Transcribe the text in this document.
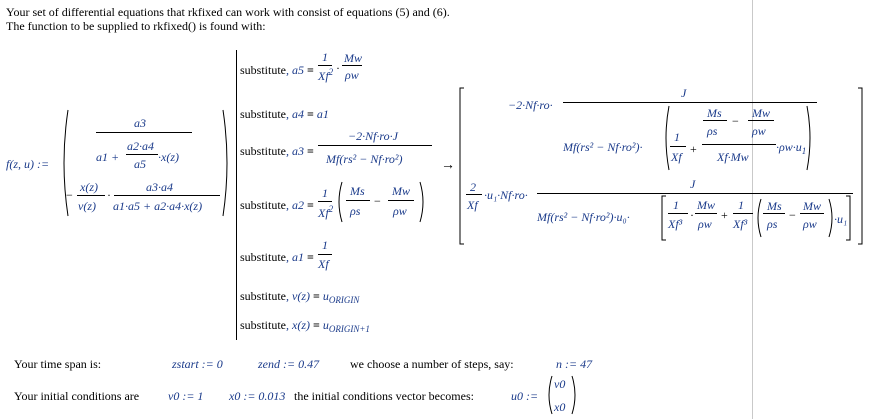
Your set of differential equations that rkfixed can work with consist of equations (5) and (6).
The function to be supplied to rkfixed() is found with:
f(z, u) :=
a3
a1 +
a2·a4
a5 ·x(z)
−
x(z)
v(z)
·
a3·a4
a1·a5 + a2·a4·x(z)
substitute, a5 =
1
$Xf^2$ ·
Mw
ρw
substitute, a4 = a1
substitute, a3 =
−2·Nf·ro·J
Mf(rs² − Nf·ro²)
substitute, a2 =
1
Xf$^2$
Ms
ρs
−
Mw
ρw
substitute, a1 =
1
Xf
substitute, $v(z) = u_{ORIGIN}$
substitute, $x(z) = u_{ORIGIN+1}$
→
−2·Nf·ro·
J
Mf(rs² − Nf·ro²)·
1
Xf
+
Ms
ρs
−
Mw
ρw
Xf·Mw
$\cdot\rho w\cdot u_1$
2
Xf
·u₁·Nf·ro·
J
Mf(rs² − Nf·ro²)·u₀·
1
Xf³
·
Mw
ρw
+
1
Xf³
Ms
ρs
−
Mw
ρw ·u₁
Your time span is:	zstart := 0	zend := 0.47	we choose a number of steps, say:	n := 47
Your initial conditions are v0 := 1 x0 := 0.013 the initial conditions vector becomes:	u0 :=
v0
x0
